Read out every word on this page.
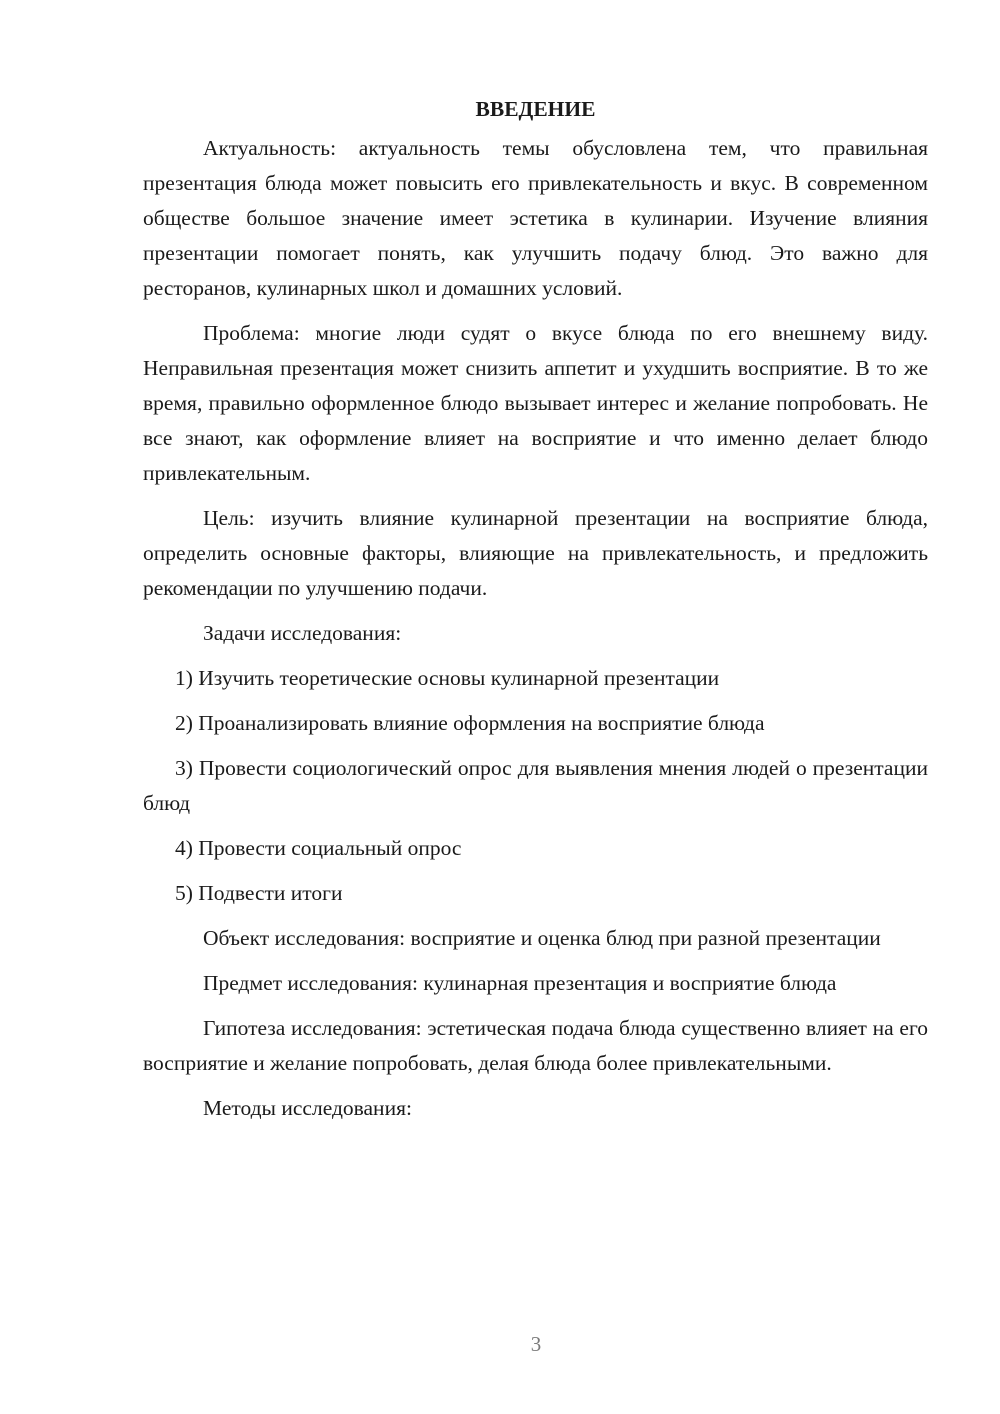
ВВЕДЕНИЕ

Актуальность: актуальность темы обусловлена тем, что правильная презентация блюда может повысить его привлекательность и вкус. В современном обществе большое значение имеет эстетика в кулинарии. Изучение влияния презентации помогает понять, как улучшить подачу блюд. Это важно для ресторанов, кулинарных школ и домашних условий.

Проблема: многие люди судят о вкусе блюда по его внешнему виду. Неправильная презентация может снизить аппетит и ухудшить восприятие. В то же время, правильно оформленное блюдо вызывает интерес и желание попробовать. Не все знают, как оформление влияет на восприятие и что именно делает блюдо привлекательным.

Цель: изучить влияние кулинарной презентации на восприятие блюда, определить основные факторы, влияющие на привлекательность, и предложить рекомендации по улучшению подачи.

Задачи исследования:

1) Изучить теоретические основы кулинарной презентации

2) Проанализировать влияние оформления на восприятие блюда

3) Провести социологический опрос для выявления мнения людей о презентации блюд

4) Провести социальный опрос

5) Подвести итоги

Объект исследования: восприятие и оценка блюд при разной презентации

Предмет исследования: кулинарная презентация и восприятие блюда

Гипотеза исследования: эстетическая подача блюда существенно влияет на его восприятие и желание попробовать, делая блюда более привлекательными.

Методы исследования:

3
